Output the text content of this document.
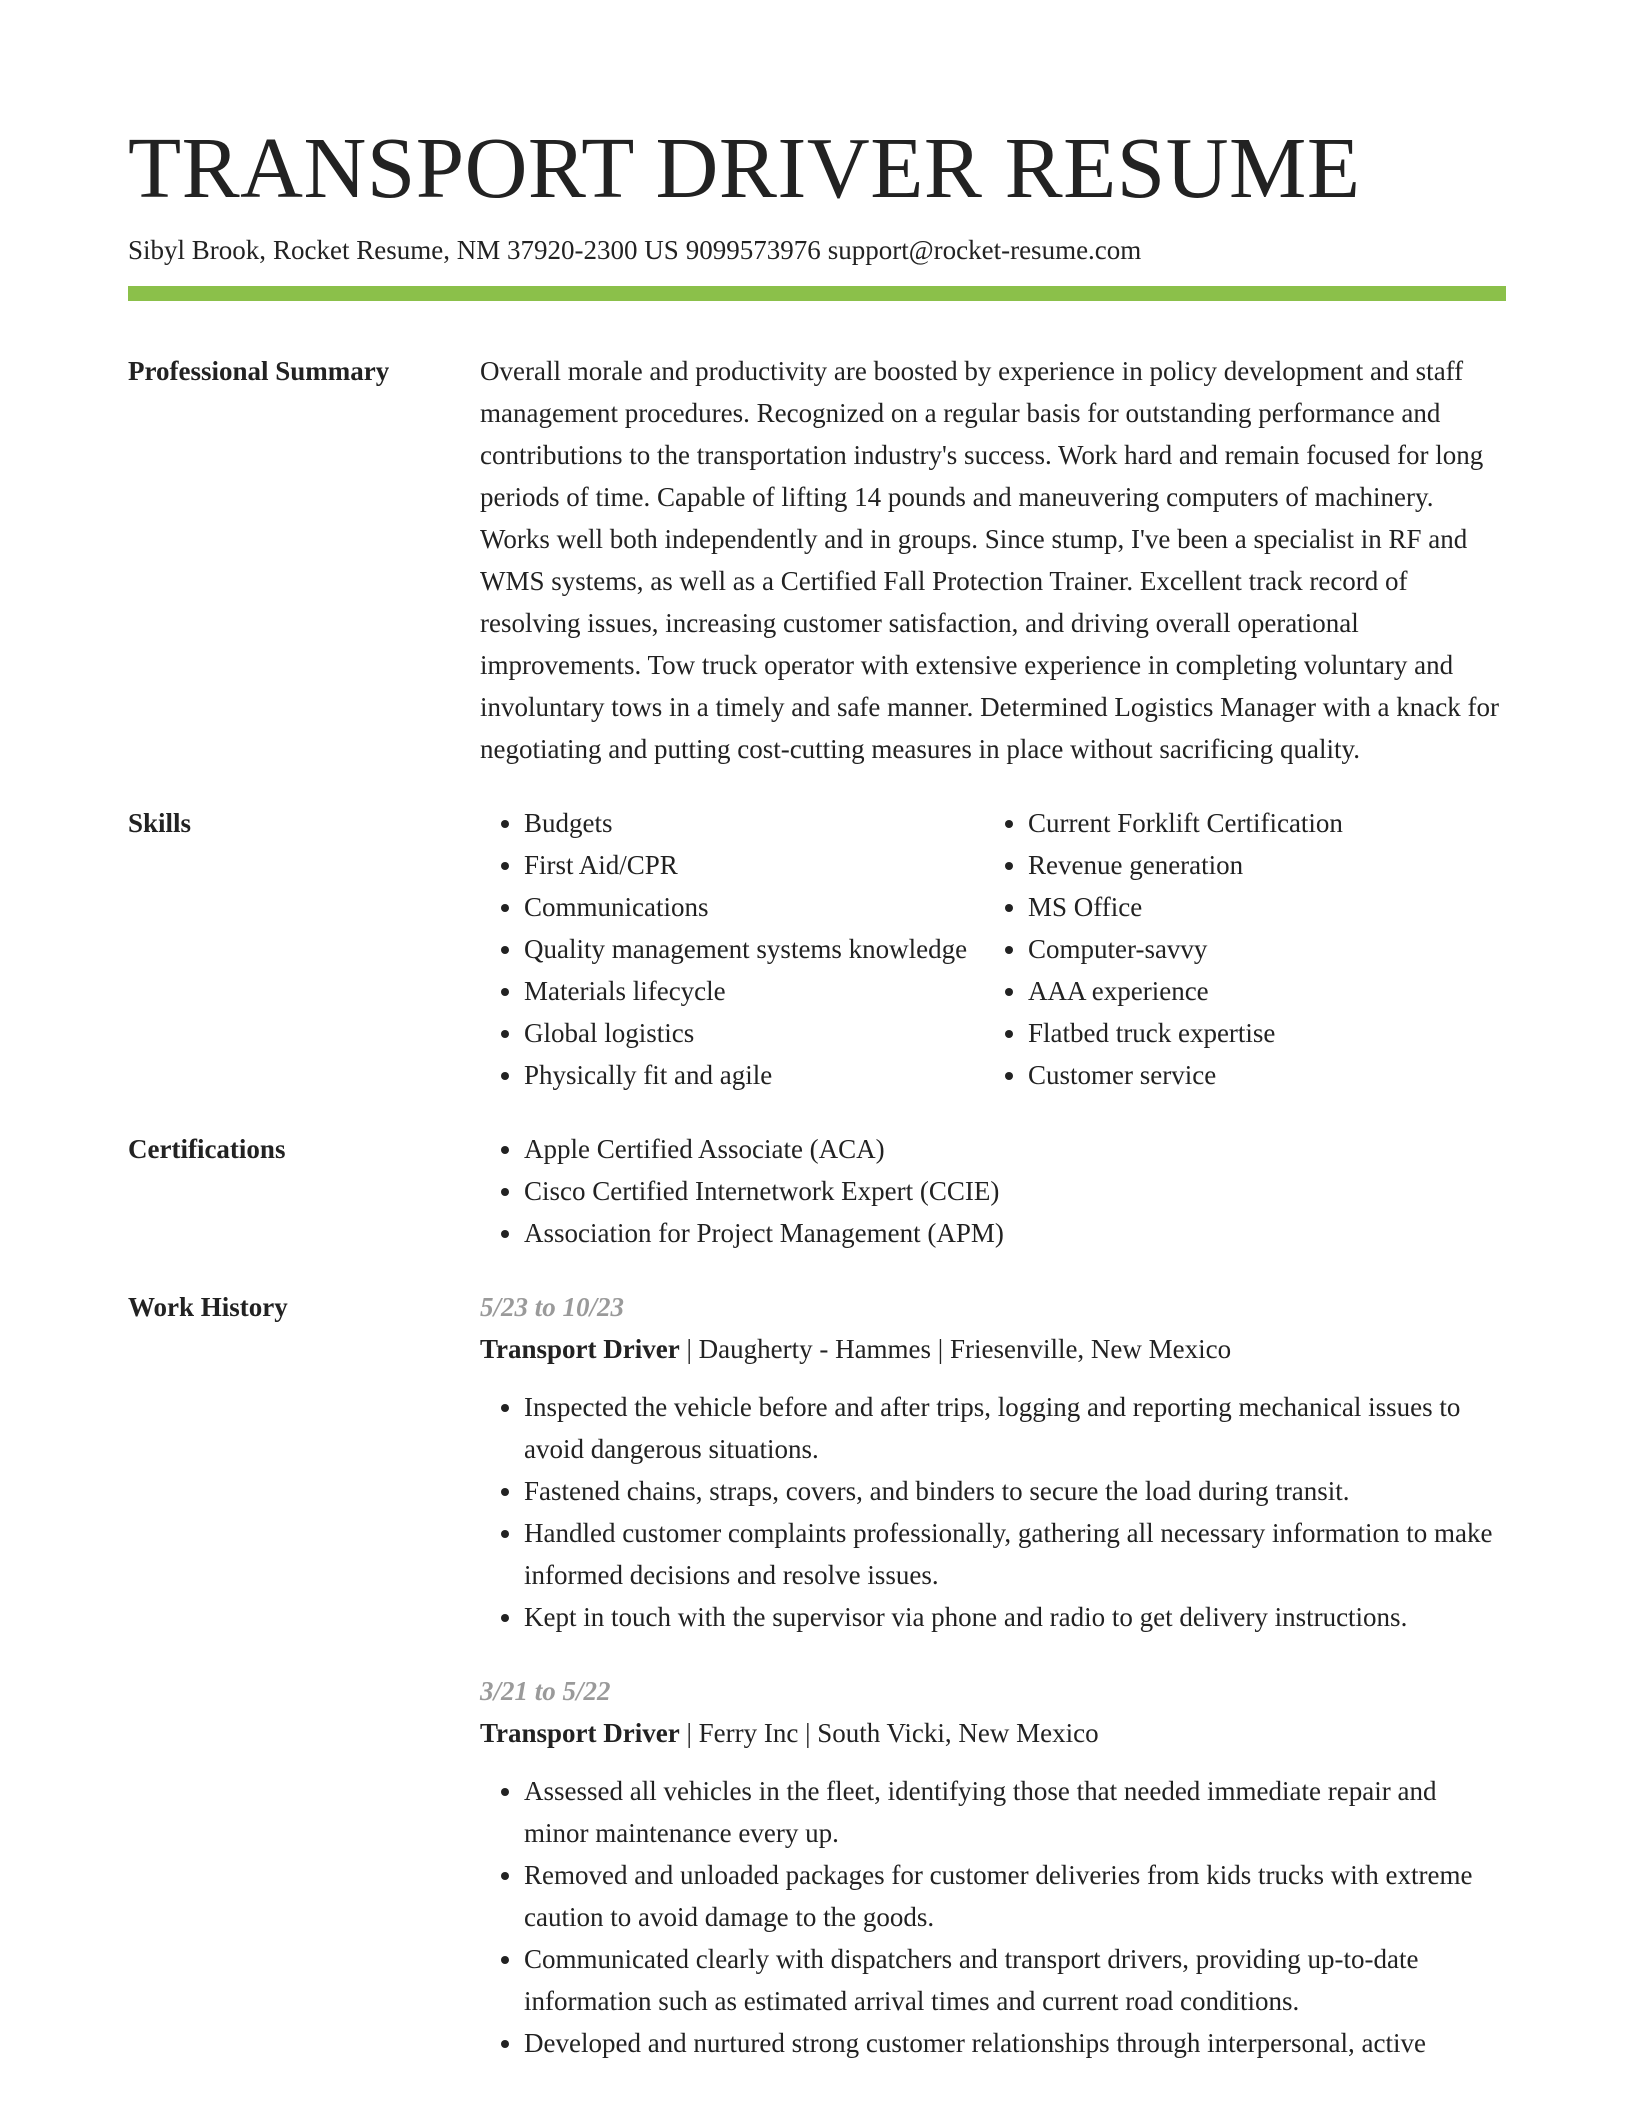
TRANSPORT DRIVER RESUME
Sibyl Brook, Rocket Resume, NM 37920-2300 US 9099573976 support@rocket-resume.com
Professional Summary	Overall morale and productivity are boosted by experience in policy development and staff management procedures. Recognized on a regular basis for outstanding performance and contributions to the transportation industry's success. Work hard and remain focused for long periods of time. Capable of lifting 14 pounds and maneuvering computers of machinery. Works well both independently and in groups. Since stump, I've been a specialist in RF and WMS systems, as well as a Certified Fall Protection Trainer. Excellent track record of resolving issues, increasing customer satisfaction, and driving overall operational improvements. Tow truck operator with extensive experience in completing voluntary and involuntary tows in a timely and safe manner. Determined Logistics Manager with a knack for negotiating and putting cost-cutting measures in place without sacrificing quality.

Skills	• Budgets
• First Aid/CPR
• Communications
• Quality management systems knowledge
• Materials lifecycle
• Global logistics
• Physically fit and agile
• Current Forklift Certification
• Revenue generation
• MS Office
• Computer-savvy
• AAA experience
• Flatbed truck expertise
• Customer service
Certifications	• Apple Certified Associate (ACA)
• Cisco Certified Internetwork Expert (CCIE)
• Association for Project Management (APM)
Work History	5/23 to 10/23
Transport Driver | Daugherty - Hammes | Friesenville, New Mexico
• Inspected the vehicle before and after trips, logging and reporting mechanical issues to avoid dangerous situations.
• Fastened chains, straps, covers, and binders to secure the load during transit.
• Handled customer complaints professionally, gathering all necessary information to make informed decisions and resolve issues.
• Kept in touch with the supervisor via phone and radio to get delivery instructions.
3/21 to 5/22
Transport Driver | Ferry Inc | South Vicki, New Mexico
• Assessed all vehicles in the fleet, identifying those that needed immediate repair and minor maintenance every up.
• Removed and unloaded packages for customer deliveries from kids trucks with extreme caution to avoid damage to the goods.
• Communicated clearly with dispatchers and transport drivers, providing up-to-date information such as estimated arrival times and current road conditions.
• Developed and nurtured strong customer relationships through interpersonal, active
